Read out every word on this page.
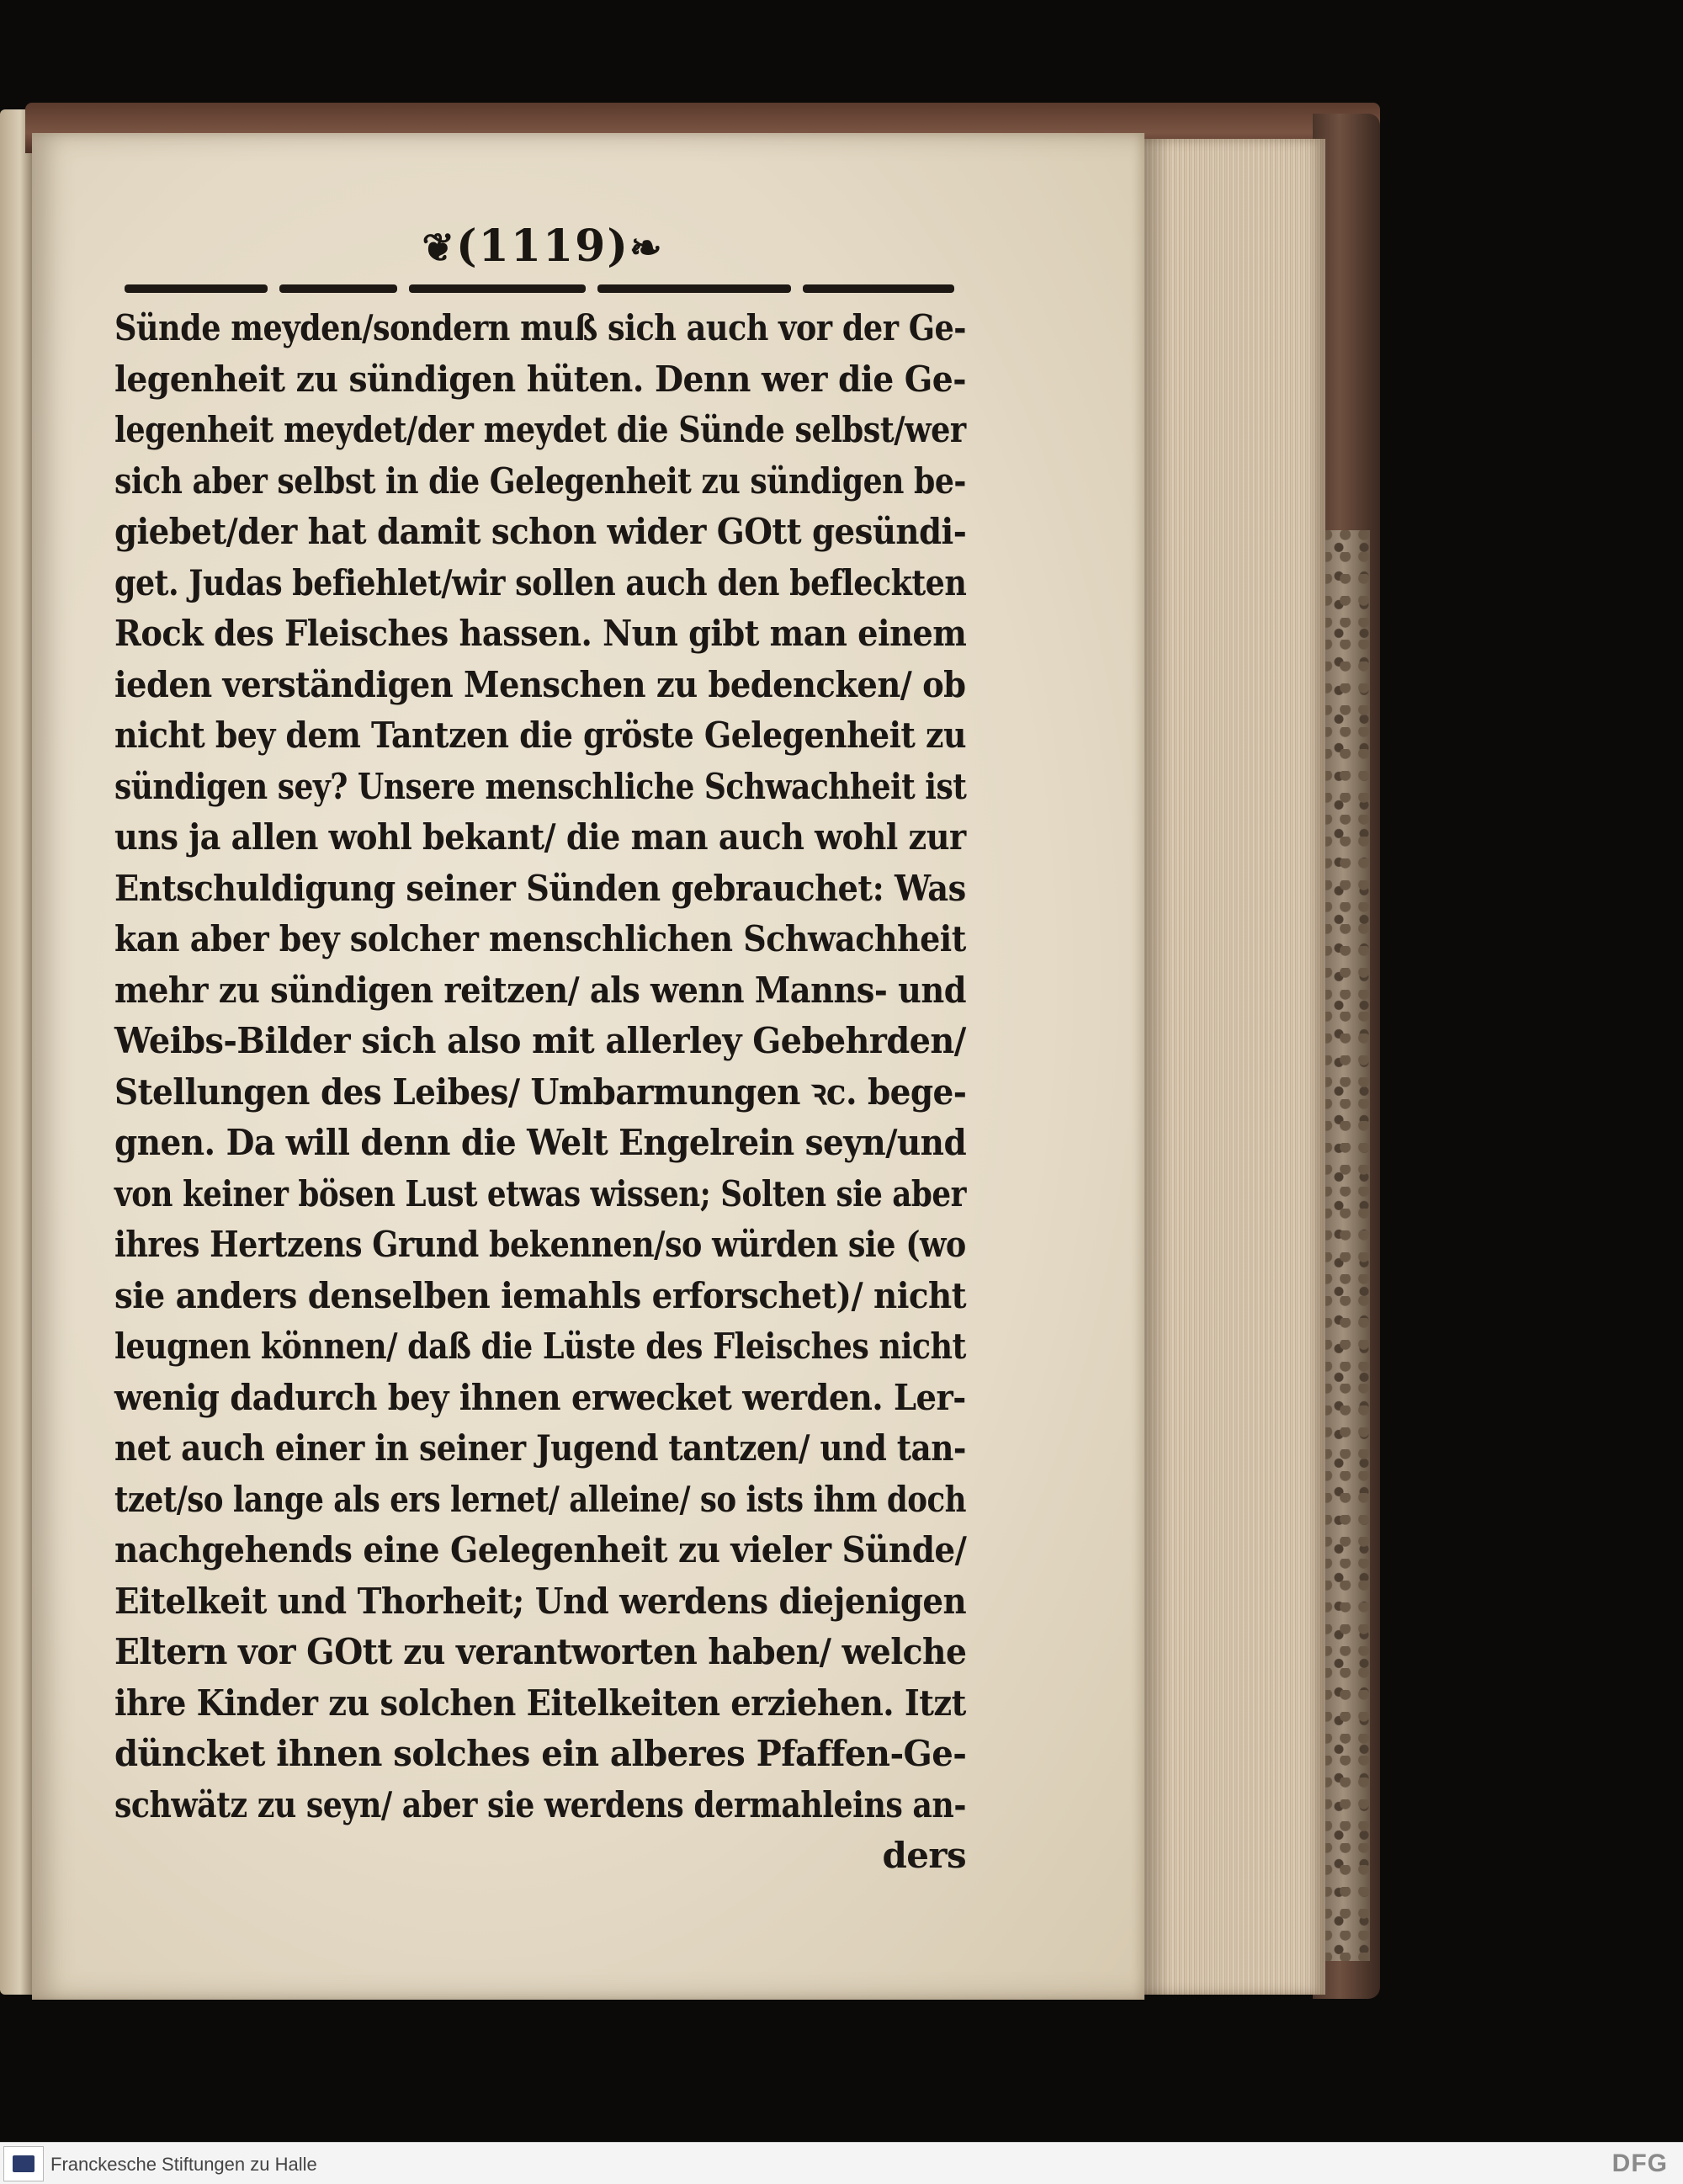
❦(1119)❧
Sünde meyden/sondern muß sich auch vor der Ge-
legenheit zu sündigen hüten. Denn wer die Ge-
legenheit meydet/der meydet die Sünde selbst/wer
sich aber selbst in die Gelegenheit zu sündigen be-
giebet/der hat damit schon wider GOtt gesündi-
get. Judas befiehlet/wir sollen auch den befleckten
Rock des Fleisches hassen. Nun gibt man einem
ieden verständigen Menschen zu bedencken/ ob
nicht bey dem Tantzen die gröste Gelegenheit zu
sündigen sey? Unsere menschliche Schwachheit ist
uns ja allen wohl bekant/ die man auch wohl zur
Entschuldigung seiner Sünden gebrauchet: Was
kan aber bey solcher menschlichen Schwachheit
mehr zu sündigen reitzen/ als wenn Manns- und
Weibs-Bilder sich also mit allerley Gebehrden/
Stellungen des Leibes/ Umbarmungen ꝛc. bege-
gnen. Da will denn die Welt Engelrein seyn/und
von keiner bösen Lust etwas wissen; Solten sie aber
ihres Hertzens Grund bekennen/so würden sie (wo
sie anders denselben iemahls erforschet)/ nicht
leugnen können/ daß die Lüste des Fleisches nicht
wenig dadurch bey ihnen erwecket werden. Ler-
net auch einer in seiner Jugend tantzen/ und tan-
tzet/so lange als ers lernet/ alleine/ so ists ihm doch
nachgehends eine Gelegenheit zu vieler Sünde/
Eitelkeit und Thorheit; Und werdens diejenigen
Eltern vor GOtt zu verantworten haben/ welche
ihre Kinder zu solchen Eitelkeiten erziehen. Itzt
düncket ihnen solches ein alberes Pfaffen-Ge-
schwätz zu seyn/ aber sie werdens dermahleins an-
ders
Franckesche Stiftungen zu Halle	DFG
